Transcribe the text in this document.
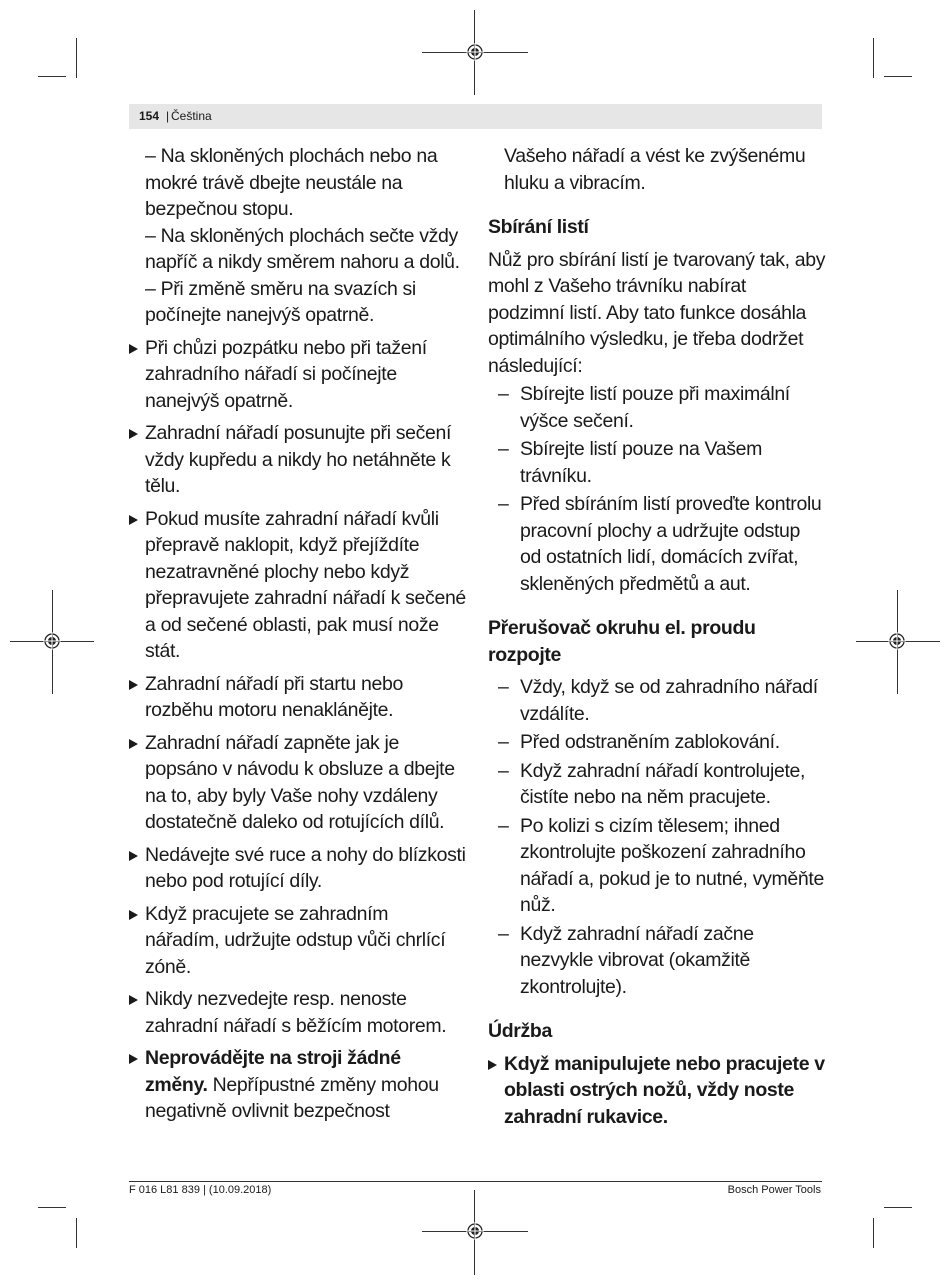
154 | Čeština

– Na skloněných plochách nebo na mokré trávě dbejte neustále na bezpečnou stopu.

– Na skloněných plochách sečte vždy napříč a nikdy směrem nahoru a dolů.

– Při změně směru na svazích si počínejte nanejvýš opatrně.

Při chůzi pozpátku nebo při tažení zahradního nářadí si počínejte nanejvýš opatrně.

Zahradní nářadí posunujte při sečení vždy kupředu a nikdy ho netáhněte k tělu.

Pokud musíte zahradní nářadí kvůli přepravě naklopit, když přejíždíte nezatravněné plochy nebo když přepravujete zahradní nářadí k sečené a od sečené oblasti, pak musí nože stát.

Zahradní nářadí při startu nebo rozběhu motoru nenaklánějte.

Zahradní nářadí zapněte jak je popsáno v návodu k obsluze a dbejte na to, aby byly Vaše nohy vzdáleny dostatečně daleko od rotujících dílů.

Nedávejte své ruce a nohy do blízkosti nebo pod rotující díly.

Když pracujete se zahradním nářadím, udržujte odstup vůči chrlící zóně.

Nikdy nezvedejte resp. nenoste zahradní nářadí s běžícím motorem.

Neprovádějte na stroji žádné změny. Nepřípustné změny mohou negativně ovlivnit bezpečnost

Vašeho nářadí a vést ke zvýšenému hluku a vibracím.

Sbírání listí

Nůž pro sbírání listí je tvarovaný tak, aby mohl z Vašeho trávníku nabírat podzimní listí. Aby tato funkce dosáhla optimálního výsledku, je třeba dodržet následující:

– Sbírejte listí pouze při maximální výšce sečení.

– Sbírejte listí pouze na Vašem trávníku.

– Před sbíráním listí proveďte kontrolu pracovní plochy a udržujte odstup od ostatních lidí, domácích zvířat, skleněných předmětů a aut.

Přerušovač okruhu el. proudu rozpojte

– Vždy, když se od zahradního nářadí vzdálíte.

– Před odstraněním zablokování.

– Když zahradní nářadí kontrolujete, čistíte nebo na něm pracujete.

– Po kolizi s cizím tělesem; ihned zkontrolujte poškození zahradního nářadí a, pokud je to nutné, vyměňte nůž.

– Když zahradní nářadí začne nezvykle vibrovat (okamžitě zkontrolujte).

Údržba

Když manipulujete nebo pracujete v oblasti ostrých nožů, vždy noste zahradní rukavice.

F 016 L81 839 | (10.09.2018)	Bosch Power Tools
